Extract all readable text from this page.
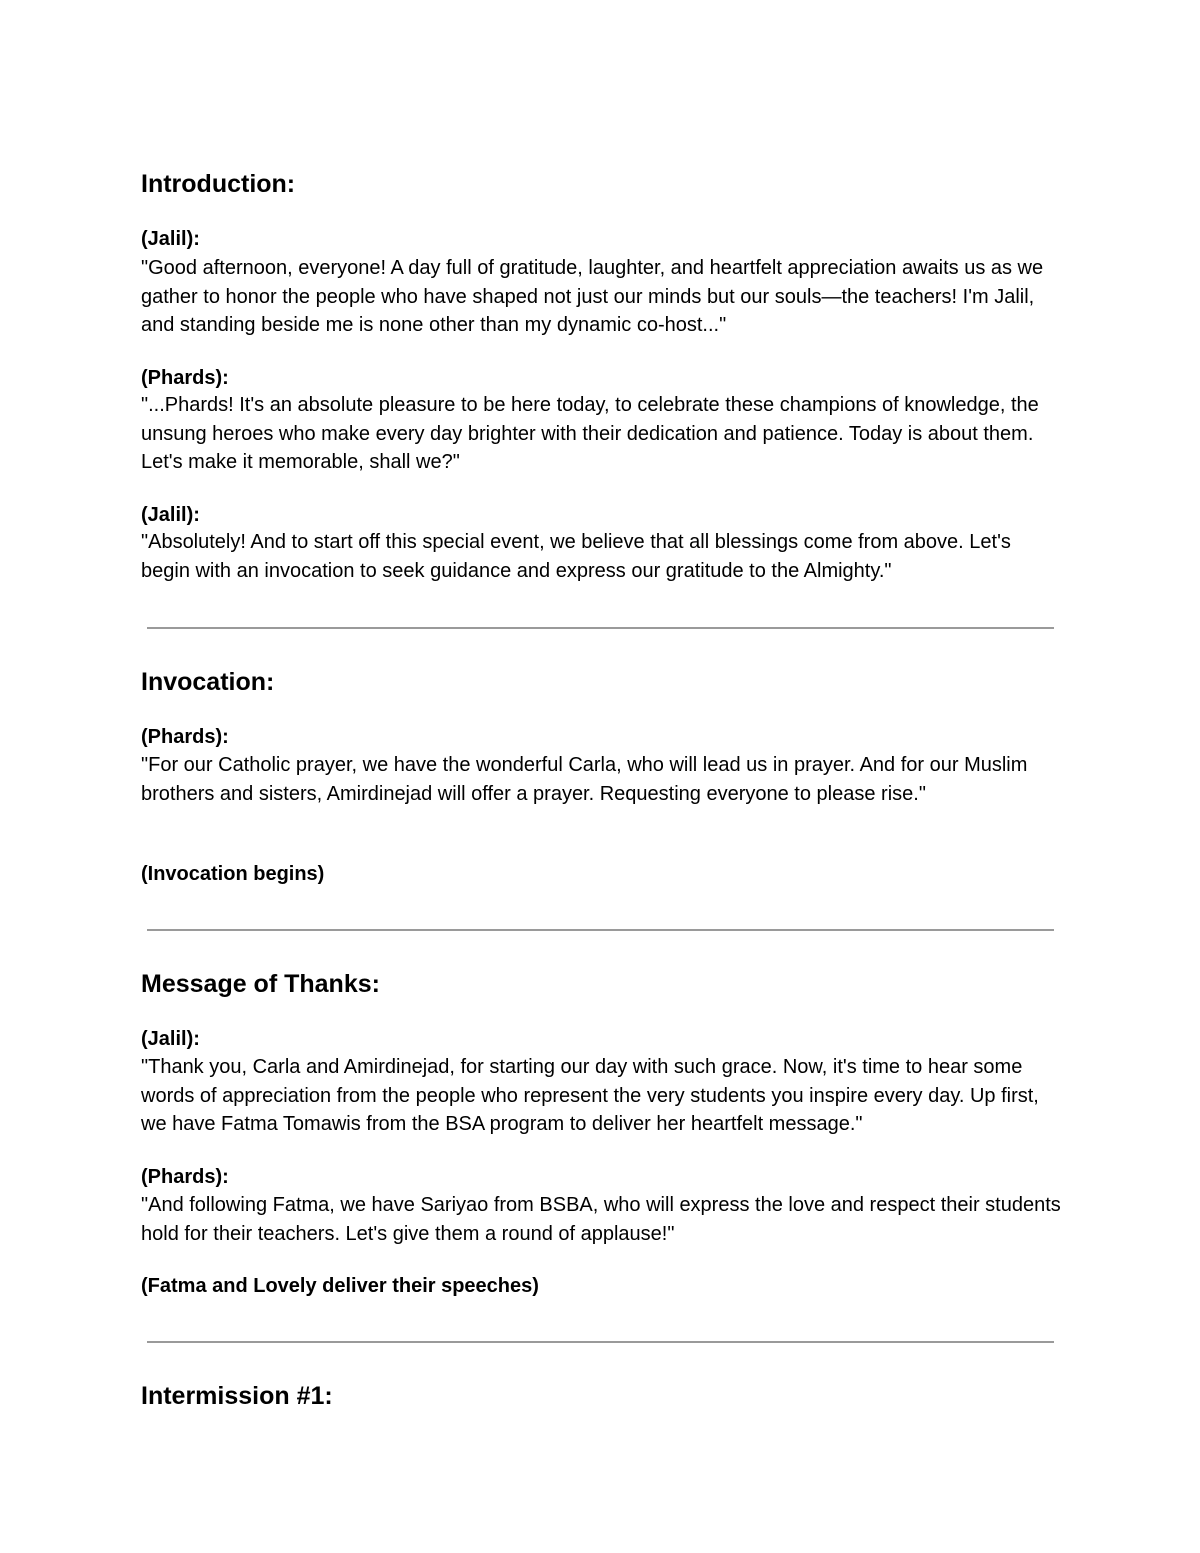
Introduction:
(Jalil):

"Good afternoon, everyone! A day full of gratitude, laughter, and heartfelt appreciation awaits us as we gather to honor the people who have shaped not just our minds but our souls—the teachers! I'm Jalil, and standing beside me is none other than my dynamic co-host..."

(Phards):

"...Phards! It's an absolute pleasure to be here today, to celebrate these champions of knowledge, the unsung heroes who make every day brighter with their dedication and patience. Today is about them. Let's make it memorable, shall we?"

(Jalil):

"Absolutely! And to start off this special event, we believe that all blessings come from above. Let's begin with an invocation to seek guidance and express our gratitude to the Almighty."

Invocation:
(Phards):

"For our Catholic prayer, we have the wonderful Carla, who will lead us in prayer. And for our Muslim brothers and sisters, Amirdinejad will offer a prayer. Requesting everyone to please rise."

(Invocation begins)
Message of Thanks:
(Jalil):

"Thank you, Carla and Amirdinejad, for starting our day with such grace. Now, it's time to hear some words of appreciation from the people who represent the very students you inspire every day. Up first, we have Fatma Tomawis from the BSA program to deliver her heartfelt message."

(Phards):

"And following Fatma, we have Sariyao from BSBA, who will express the love and respect their students hold for their teachers. Let's give them a round of applause!"

(Fatma and Lovely deliver their speeches)
Intermission #1:
